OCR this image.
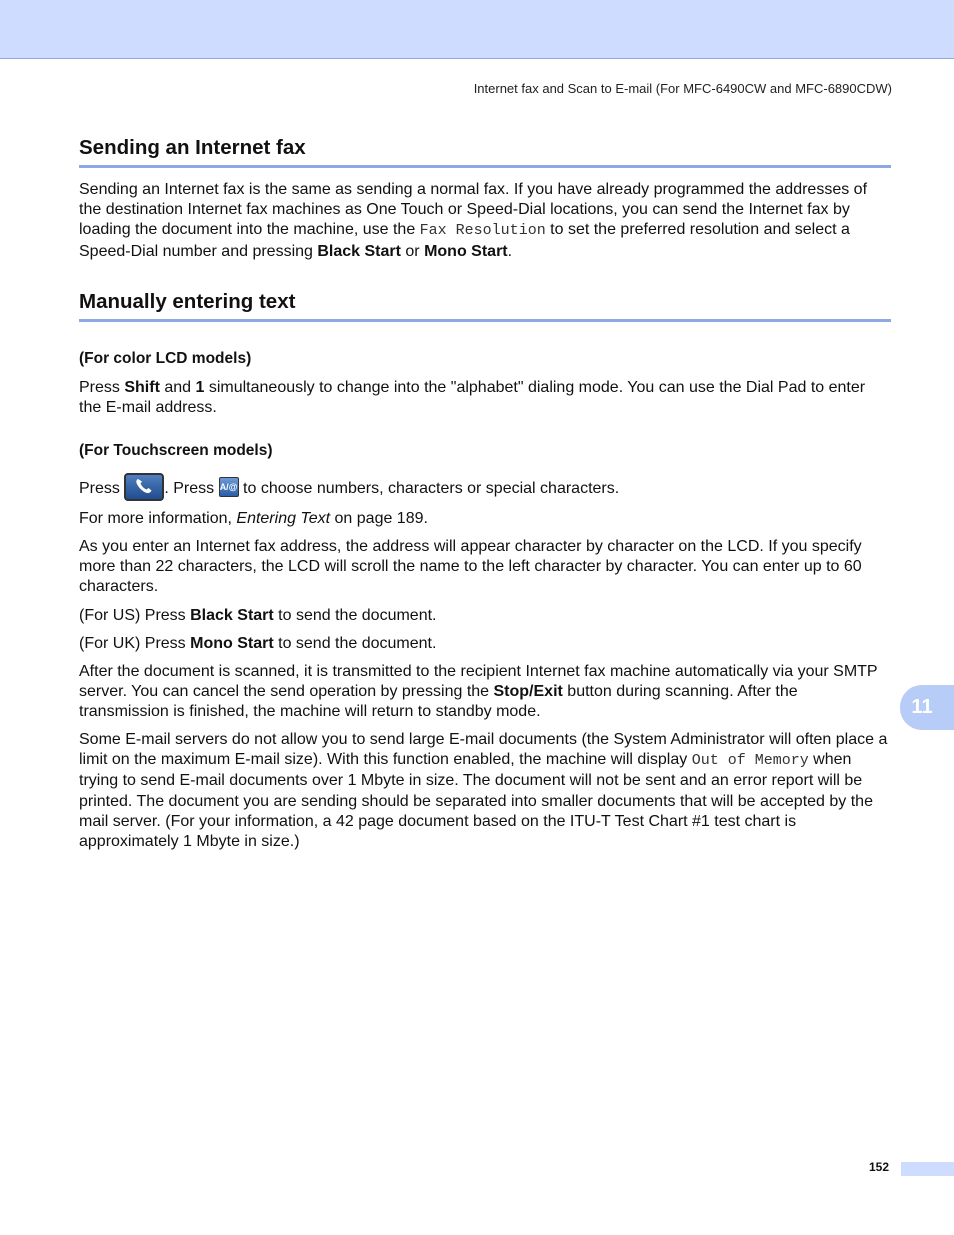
Internet fax and Scan to E-mail (For MFC-6490CW and MFC-6890CDW)
Sending an Internet fax

Sending an Internet fax is the same as sending a normal fax. If you have already programmed the addresses of the destination Internet fax machines as One Touch or Speed-Dial locations, you can send the Internet fax by loading the document into the machine, use the Fax Resolution to set the preferred resolution and select a Speed-Dial number and pressing Black Start or Mono Start.

Manually entering text
(For color LCD models)

Press Shift and 1 simultaneously to change into the "alphabet" dialing mode. You can use the Dial Pad to enter the E-mail address.

(For Touchscreen models)

Press	. Press A/@ to choose numbers, characters or special characters.

For more information, Entering Text on page 189.

As you enter an Internet fax address, the address will appear character by character on the LCD. If you specify more than 22 characters, the LCD will scroll the name to the left character by character. You can enter up to 60 characters.

(For US) Press Black Start to send the document.

(For UK) Press Mono Start to send the document.

After the document is scanned, it is transmitted to the recipient Internet fax machine automatically via your SMTP server. You can cancel the send operation by pressing the Stop/Exit button during scanning. After the transmission is finished, the machine will return to standby mode.

Some E-mail servers do not allow you to send large E-mail documents (the System Administrator will often place a limit on the maximum E-mail size). With this function enabled, the machine will display Out of Memory when trying to send E-mail documents over 1 Mbyte in size. The document will not be sent and an error report will be printed. The document you are sending should be separated into smaller documents that will be accepted by the mail server. (For your information, a 42 page document based on the ITU-T Test Chart #1 test chart is approximately 1 Mbyte in size.)

11
152
